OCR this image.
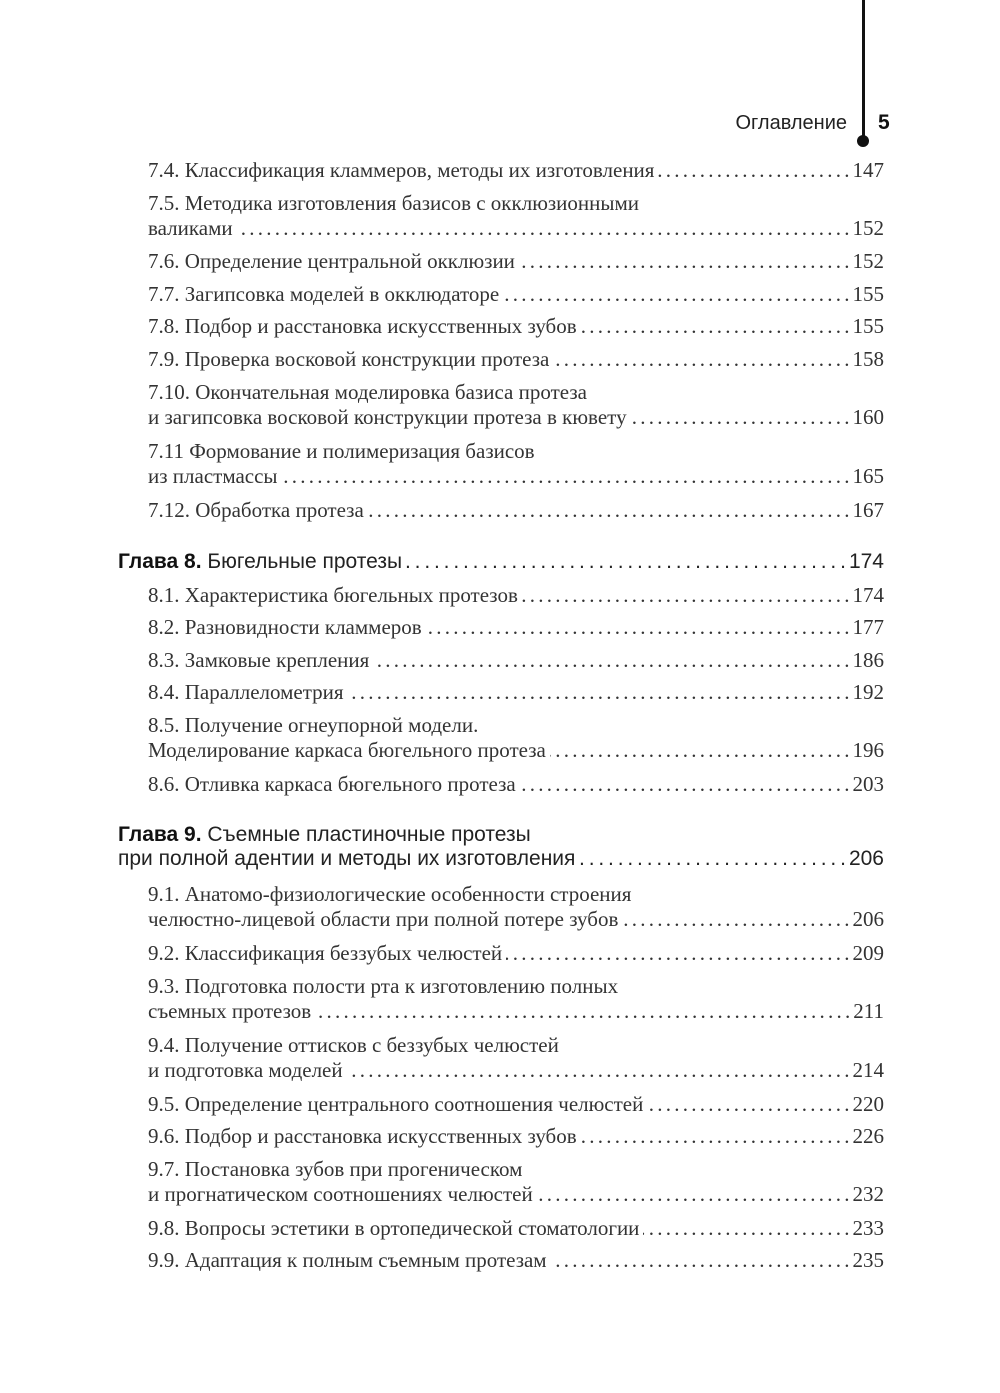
Оглавление 5
7.4. Классификация кламмеров, методы их изготовления . . .	147
7.5. Методика изготовления базисов с окклюзионными
валиками . . .	152
7.6. Определение центральной окклюзии . . .	152
7.7. Загипсовка моделей в окклюдаторе . . .	155
7.8. Подбор и расстановка искусственных зубов . . .	155
7.9. Проверка восковой конструкции протеза . . .	158
7.10. Окончательная моделировка базиса протеза
и загипсовка восковой конструкции протеза в кювету . . .	160
7.11 Формование и полимеризация базисов
из пластмассы . . .	165
7.12. Обработка протеза . . .	167
Глава 8. Бюгельные протезы . . .	174
8.1. Характеристика бюгельных протезов . . .	174
8.2. Разновидности кламмеров . . .	177
8.3. Замковые крепления . . .	186
8.4. Параллелометрия . . .	192
8.5. Получение огнеупорной модели.
Моделирование каркаса бюгельного протеза . . .	196
8.6. Отливка каркаса бюгельного протеза . . .	203
Глава 9. Съемные пластиночные протезы
при полной адентии и методы их изготовления . . .	206
9.1. Анатомо-физиологические особенности строения
челюстно-лицевой области при полной потере зубов . . .	206
9.2. Классификация беззубых челюстей . . .	209
9.3. Подготовка полости рта к изготовлению полных
съемных протезов . . .	211
9.4. Получение оттисков с беззубых челюстей
и подготовка моделей . . .	214
9.5. Определение центрального соотношения челюстей . . .	220
9.6. Подбор и расстановка искусственных зубов . . .	226
9.7. Постановка зубов при прогеническом
и прогнатическом соотношениях челюстей . . .	232
9.8. Вопросы эстетики в ортопедической стоматологии . . .	233
9.9. Адаптация к полным съемным протезам . . .	235
